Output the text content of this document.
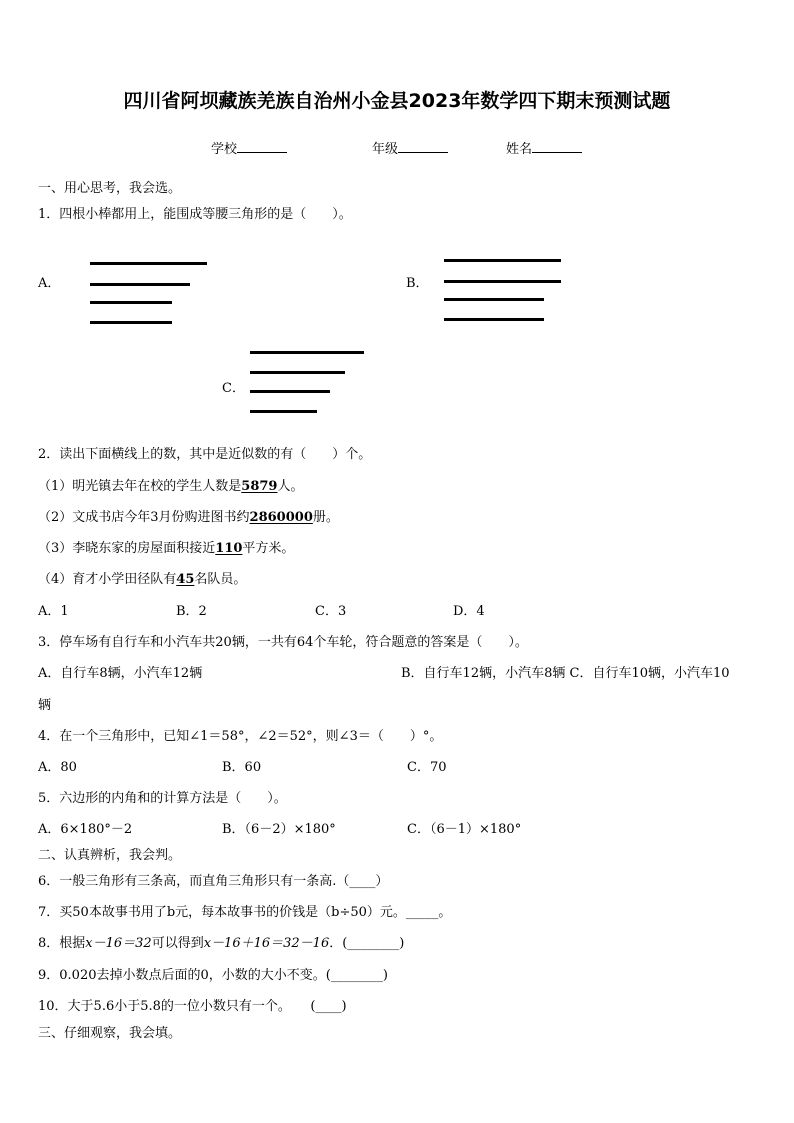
四川省阿坝藏族羌族自治州小金县2023年数学四下期末预测试题
学校	年级	姓名
一、用心思考，我会选。
1．四根小棒都用上，能围成等腰三角形的是（　　）。
A．	B．
C．
2．读出下面横线上的数，其中是近似数的有（　　）个。
（1）明光镇去年在校的学生人数是5879人。
（2）文成书店今年3月份购进图书约2860000册。
（3）李晓东家的房屋面积接近110平方米。
（4）育才小学田径队有45名队员。
A．1	B．2	C．3	D．4
3．停车场有自行车和小汽车共20辆，一共有64个车轮，符合题意的答案是（　　）。
A．自行车8辆，小汽车12辆	B．自行车12辆，小汽车8辆 C．自行车10辆，小汽车10
辆
4．在一个三角形中，已知∠1＝58°，∠2＝52°，则∠3＝（　　）°。
A．80	B．60	C．70
5．六边形的内角和的计算方法是（　　）。
A．6×180°－2	B．（6－2）×180°	C．（6－1）×180°
二、认真辨析，我会判。
6．一般三角形有三条高，而直角三角形只有一条高.（____）
7．买50本故事书用了b元，每本故事书的价钱是（b÷50）元。_____。
8．根据x－16＝32可以得到x－16＋16＝32－16．(________)
9．0.020去掉小数点后面的0，小数的大小不变。(________)
10．大于5.6小于5.8的一位小数只有一个。　　(____)
三、仔细观察，我会填。
